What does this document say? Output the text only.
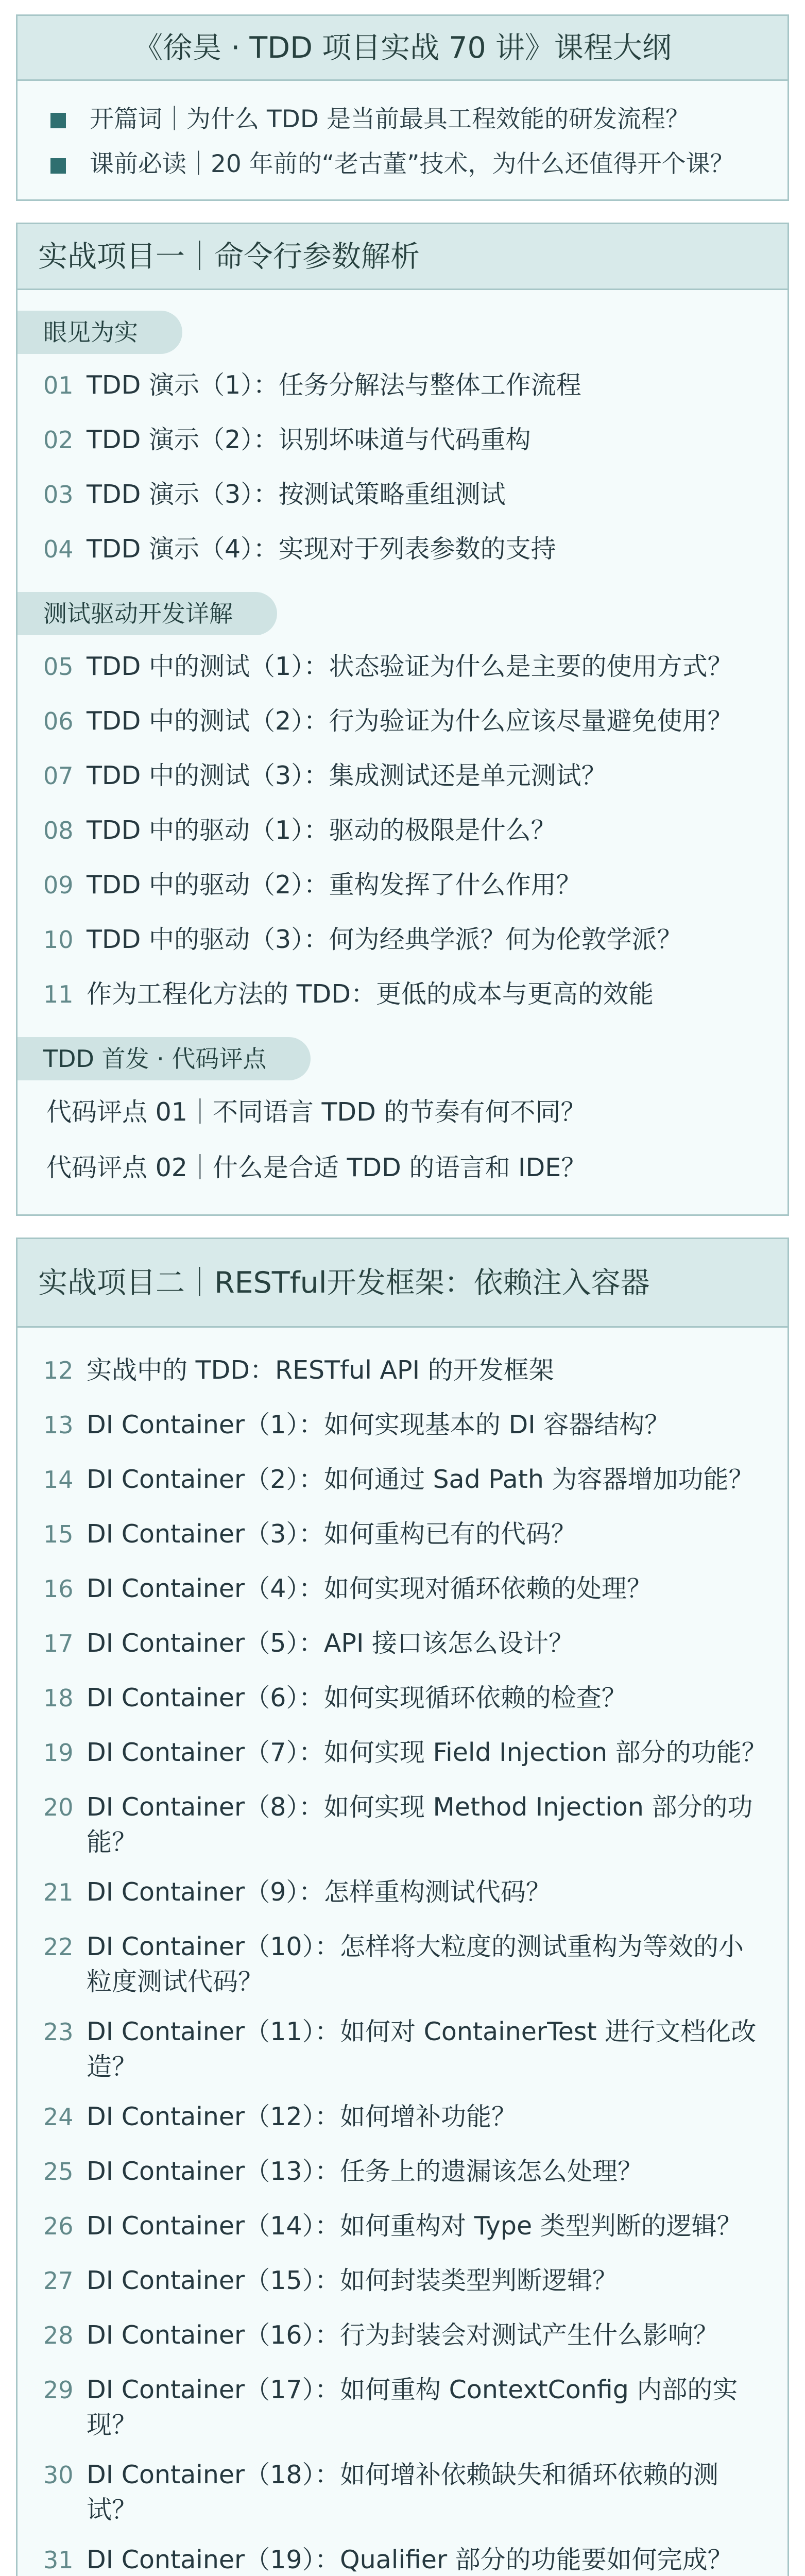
《徐昊 · TDD 项目实战 70 讲》课程大纲
开篇词｜为什么 TDD 是当前最具工程效能的研发流程？
课前必读｜20 年前的“老古董”技术，为什么还值得开个课？
实战项目一｜命令行参数解析
眼见为实
01 TDD 演示（1）：任务分解法与整体工作流程
02 TDD 演示（2）：识别坏味道与代码重构
03 TDD 演示（3）：按测试策略重组测试
04 TDD 演示（4）：实现对于列表参数的支持
测试驱动开发详解
05 TDD 中的测试（1）：状态验证为什么是主要的使用方式？
06 TDD 中的测试（2）：行为验证为什么应该尽量避免使用？
07 TDD 中的测试（3）：集成测试还是单元测试？
08 TDD 中的驱动（1）：驱动的极限是什么？
09 TDD 中的驱动（2）：重构发挥了什么作用？
10 TDD 中的驱动（3）：何为经典学派？何为伦敦学派？
11 作为工程化方法的 TDD：更低的成本与更高的效能
TDD 首发 · 代码评点
代码评点 01｜不同语言 TDD 的节奏有何不同？
代码评点 02｜什么是合适 TDD 的语言和 IDE？
实战项目二｜RESTful开发框架：依赖注入容器
12 实战中的 TDD：RESTful API 的开发框架
13 DI Container（1）：如何实现基本的 DI 容器结构？
14 DI Container（2）：如何通过 Sad Path 为容器增加功能？
15 DI Container（3）：如何重构已有的代码？
16 DI Container（4）：如何实现对循环依赖的处理？
17 DI Container（5）：API 接口该怎么设计？
18 DI Container（6）：如何实现循环依赖的检查？
19 DI Container（7）：如何实现 Field Injection 部分的功能？
20 DI Container（8）：如何实现 Method Injection 部分的功能？
21 DI Container（9）：怎样重构测试代码？
22 DI Container（10）：怎样将大粒度的测试重构为等效的小粒度测试代码？
23 DI Container（11）：如何对 ContainerTest 进行文档化改造？
24 DI Container（12）：如何增补功能？
25 DI Container（13）：任务上的遗漏该怎么处理？
26 DI Container（14）：如何重构对 Type 类型判断的逻辑？
27 DI Container（15）：如何封装类型判断逻辑？
28 DI Container（16）：行为封装会对测试产生什么影响？
29 DI Container（17）：如何重构 ContextConfig 内部的实现？
30 DI Container（18）：如何增补依赖缺失和循环依赖的测试？
31 DI Container（19）：Qualifier 部分的功能要如何完成？
